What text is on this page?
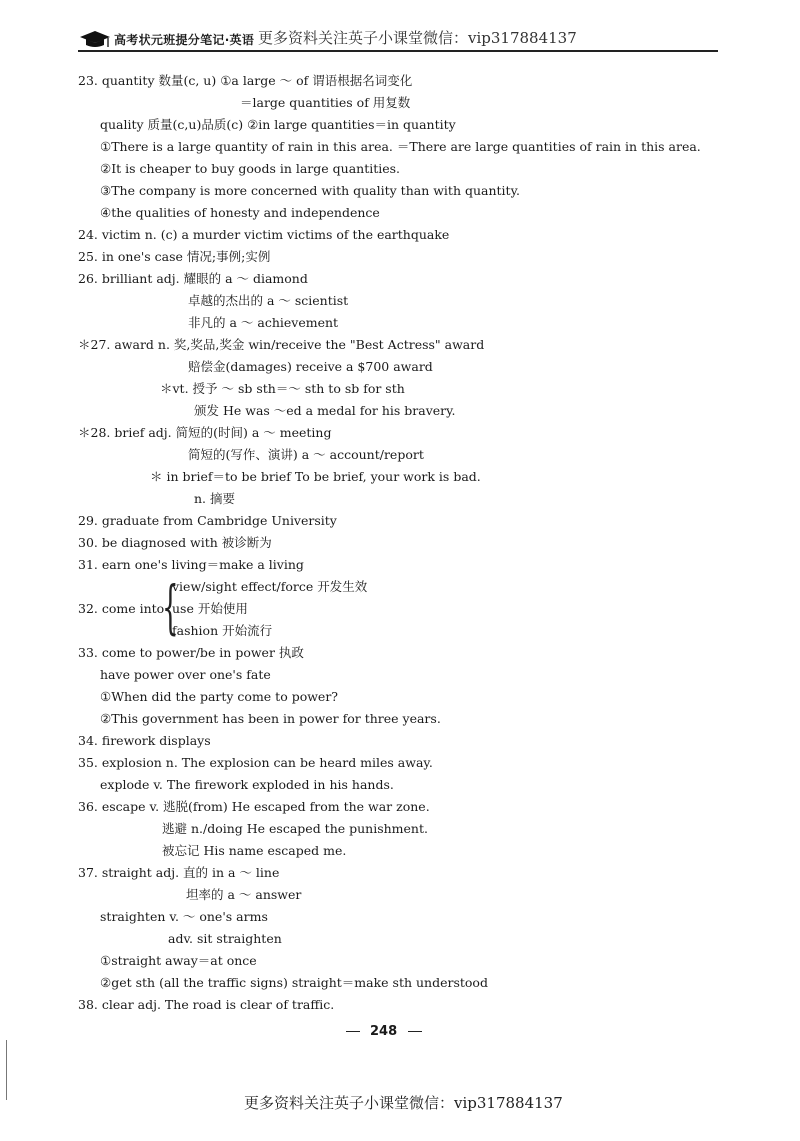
高考状元班提分笔记·英语 更多资料关注英子小课堂微信：vip317884137
23. quantity 数量(c, u) ①a large ～ of 谓语根据名词变化
＝large quantities of 用复数
quality 质量(c,u)品质(c) ②in large quantities＝in quantity
①There is a large quantity of rain in this area. ＝There are large quantities of rain in this area.
②It is cheaper to buy goods in large quantities.
③The company is more concerned with quality than with quantity.
④the qualities of honesty and independence
24. victim n. (c) a murder victim victims of the earthquake
25. in one's case 情况;事例;实例
26. brilliant adj. 耀眼的 a ～ diamond
卓越的杰出的 a ～ scientist
非凡的 a ～ achievement
＊27. award n. 奖,奖品,奖金 win/receive the "Best Actress" award
赔偿金(damages) receive a $700 award
＊vt. 授予 ～ sb sth＝～ sth to sb for sth
颁发 He was ～ed a medal for his bravery.
＊28. brief adj. 简短的(时间) a ～ meeting
简短的(写作、演讲) a ～ account/report
＊ in brief＝to be brief To be brief, your work is bad.
n. 摘要
29. graduate from Cambridge University
30. be diagnosed with 被诊断为
31. earn one's living＝make a living
view/sight effect/force 开发生效
32. come into
{
use 开始使用
fashion 开始流行
33. come to power/be in power 执政
have power over one's fate
①When did the party come to power?
②This government has been in power for three years.
34. firework displays
35. explosion n. The explosion can be heard miles away.
explode v. The firework exploded in his hands.
36. escape v. 逃脱(from) He escaped from the war zone.
逃避 n./doing He escaped the punishment.
被忘记 His name escaped me.
37. straight adj. 直的 in a ～ line
坦率的 a ～ answer
straighten v. ～ one's arms
adv. sit straighten
①straight away＝at once
②get sth (all the traffic signs) straight＝make sth understood
38. clear adj. The road is clear of traffic.
248
更多资料关注英子小课堂微信：vip317884137
